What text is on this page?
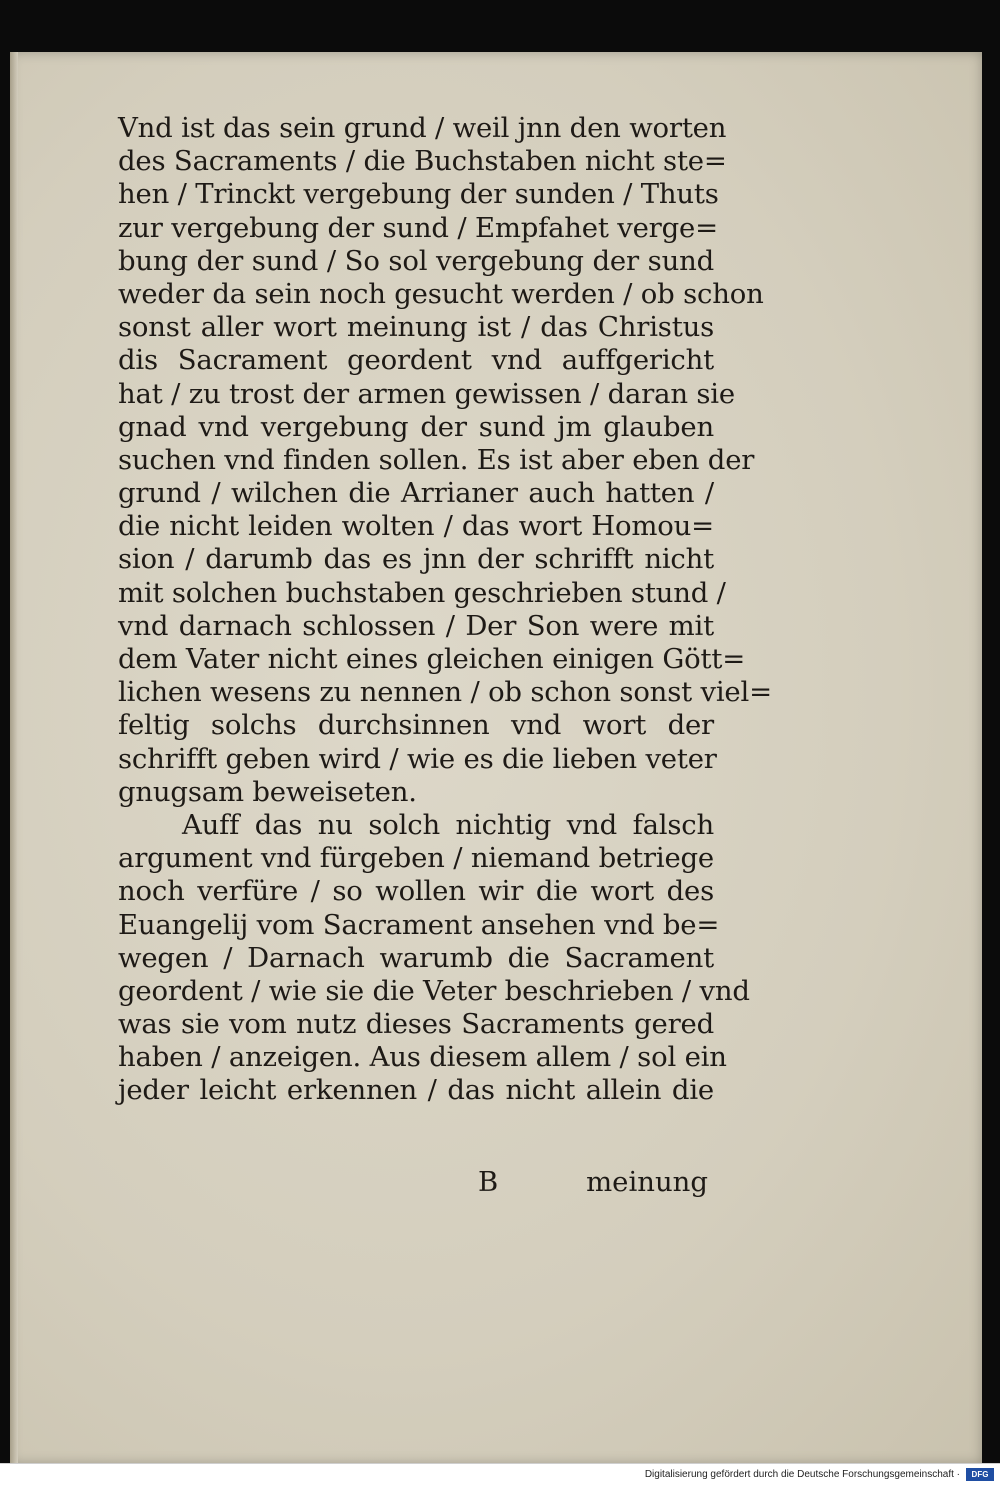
Vnd ist das sein grund / weil jnn den worten
des Sacraments / die Buchstaben nicht ste=
hen / Trinckt vergebung der sunden / Thuts
zur vergebung der sund / Empfahet verge=
bung der sund / So sol vergebung der sund
weder da sein noch gesucht werden / ob schon
sonst aller wort meinung ist / das Christus
dis Sacrament geordent vnd auffgericht
hat / zu trost der armen gewissen / daran sie
gnad vnd vergebung der sund jm glauben
suchen vnd finden sollen. Es ist aber eben der
grund / wilchen die Arrianer auch hatten /
die nicht leiden wolten / das wort Homou=
sion / darumb das es jnn der schrifft nicht
mit solchen buchstaben geschrieben stund /
vnd darnach schlossen / Der Son were mit
dem Vater nicht eines gleichen einigen Gött=
lichen wesens zu nennen / ob schon sonst viel=
feltig solchs durchsinnen vnd wort der
schrifft geben wird / wie es die lieben veter
gnugsam beweiseten.
Auff das nu solch nichtig vnd falsch
argument vnd fürgeben / niemand betriege
noch verfüre / so wollen wir die wort des
Euangelij vom Sacrament ansehen vnd be=
wegen / Darnach warumb die Sacrament
geordent / wie sie die Veter beschrieben / vnd
was sie vom nutz dieses Sacraments gered
haben / anzeigen. Aus diesem allem / sol ein
jeder leicht erkennen / das nicht allein die
B	meinung
Digitalisierung gefördert durch die Deutsche Forschungsgemeinschaft ·	DFG
